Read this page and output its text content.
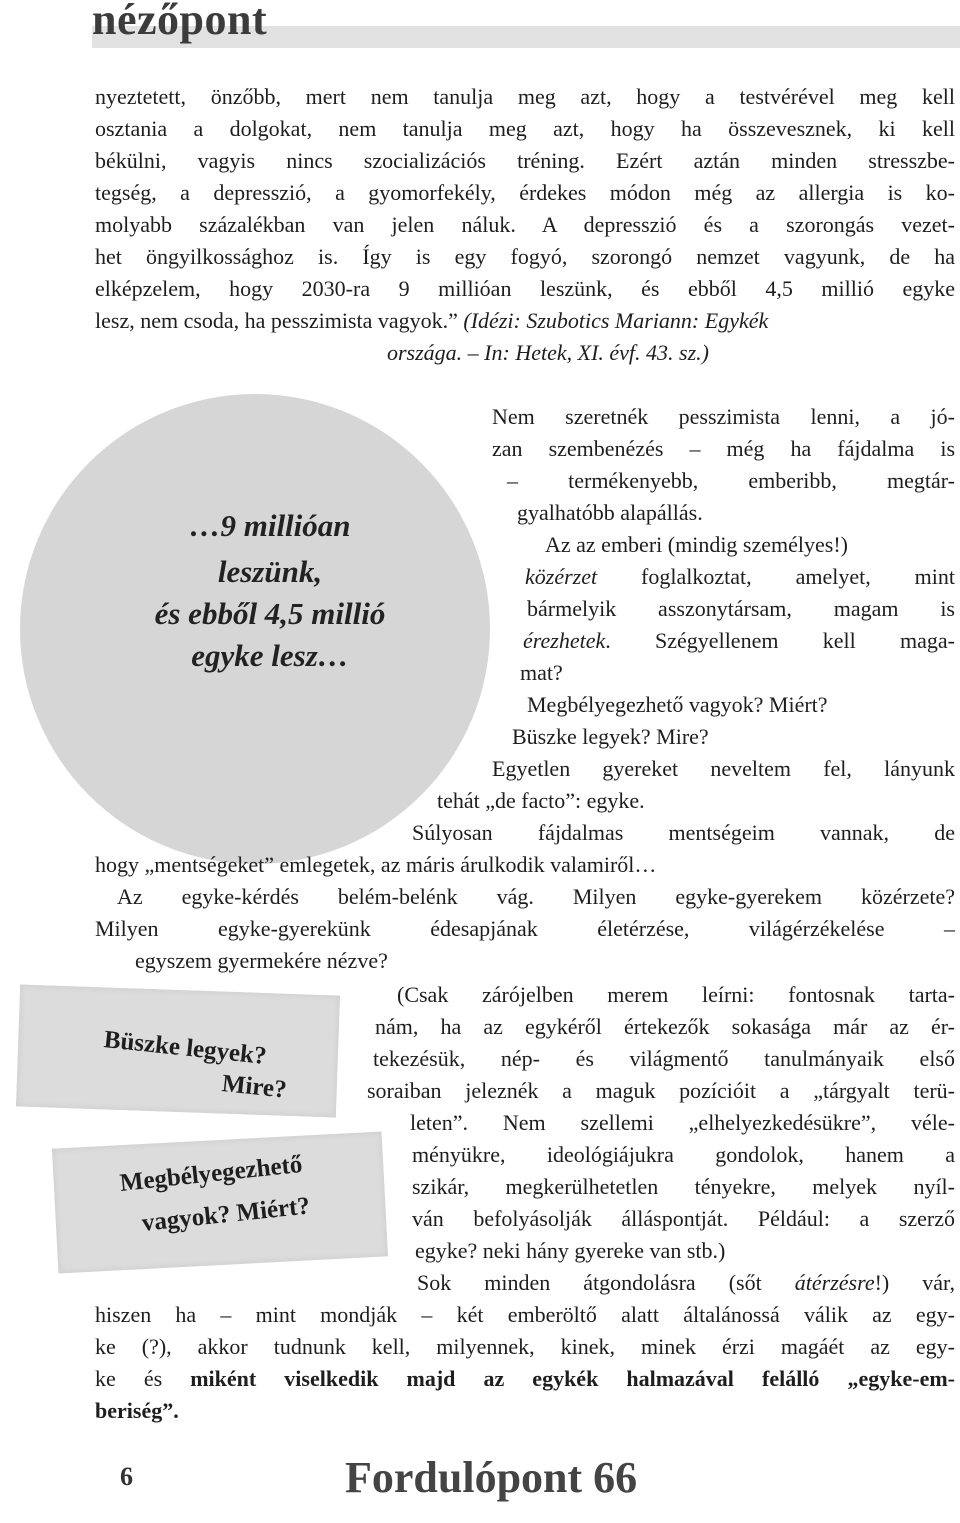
nézőpont
nyeztetett, önzőbb, mert nem tanulja meg azt, hogy a testvérével meg kell
osztania a dolgokat, nem tanulja meg azt, hogy ha összevesznek, ki kell
békülni, vagyis nincs szocializációs tréning. Ezért aztán minden stresszbe-
tegség, a depresszió, a gyomorfekély, érdekes módon még az allergia is ko-
molyabb százalékban van jelen náluk. A depresszió és a szorongás vezet-
het öngyilkossághoz is. Így is egy fogyó, szorongó nemzet vagyunk, de ha
elképzelem, hogy 2030-ra 9 millióan leszünk, és ebből 4,5 millió egyke
lesz, nem csoda, ha pesszimista vagyok.” (Idézi: Szubotics Mariann: Egykék
országa. – In: Hetek, XI. évf. 43. sz.)
…9 millióan
leszünk,
és ebből 4,5 millió
egyke lesz…
Nem szeretnék pesszimista lenni, a jó-
zan szembenézés – még ha fájdalma is
– termékenyebb, emberibb, megtár-
gyalhatóbb alapállás.
Az az emberi (mindig személyes!)
közérzet foglalkoztat, amelyet, mint
bármelyik asszonytársam, magam is
érezhetek. Szégyellenem kell maga-
mat?
Megbélyegezhető vagyok? Miért?
Büszke legyek? Mire?
Egyetlen gyereket neveltem fel, lányunk
tehát „de facto”: egyke.
Súlyosan fájdalmas mentségeim vannak, de
hogy „mentségeket” emlegetek, az máris árulkodik valamiről…
Az egyke-kérdés belém-belénk vág. Milyen egyke-gyerekem közérzete?
Milyen egyke-gyerekünk édesapjának életérzése, világérzékelése –
egyszem gyermekére nézve?
Büszke legyek?
Mire?
Megbélyegezhető
vagyok? Miért?
(Csak zárójelben merem leírni: fontosnak tarta-
nám, ha az egykéről értekezők sokasága már az ér-
tekezésük, nép- és világmentő tanulmányaik első
soraiban jeleznék a maguk pozícióit a „tárgyalt terü-
leten”. Nem szellemi „elhelyezkedésükre”, véle-
ményükre, ideológiájukra gondolok, hanem a
szikár, megkerülhetetlen tényekre, melyek nyíl-
ván befolyásolják álláspontját. Például: a szerző
egyke? neki hány gyereke van stb.)
Sok minden átgondolásra (sőt átérzésre!) vár,
hiszen ha – mint mondják – két emberöltő alatt általánossá válik az egy-
ke (?), akkor tudnunk kell, milyennek, kinek, minek érzi magáét az egy-
ke és miként viselkedik majd az egykék halmazával felálló „egyke-em-
beriség”.
6	Fordulópont 66
